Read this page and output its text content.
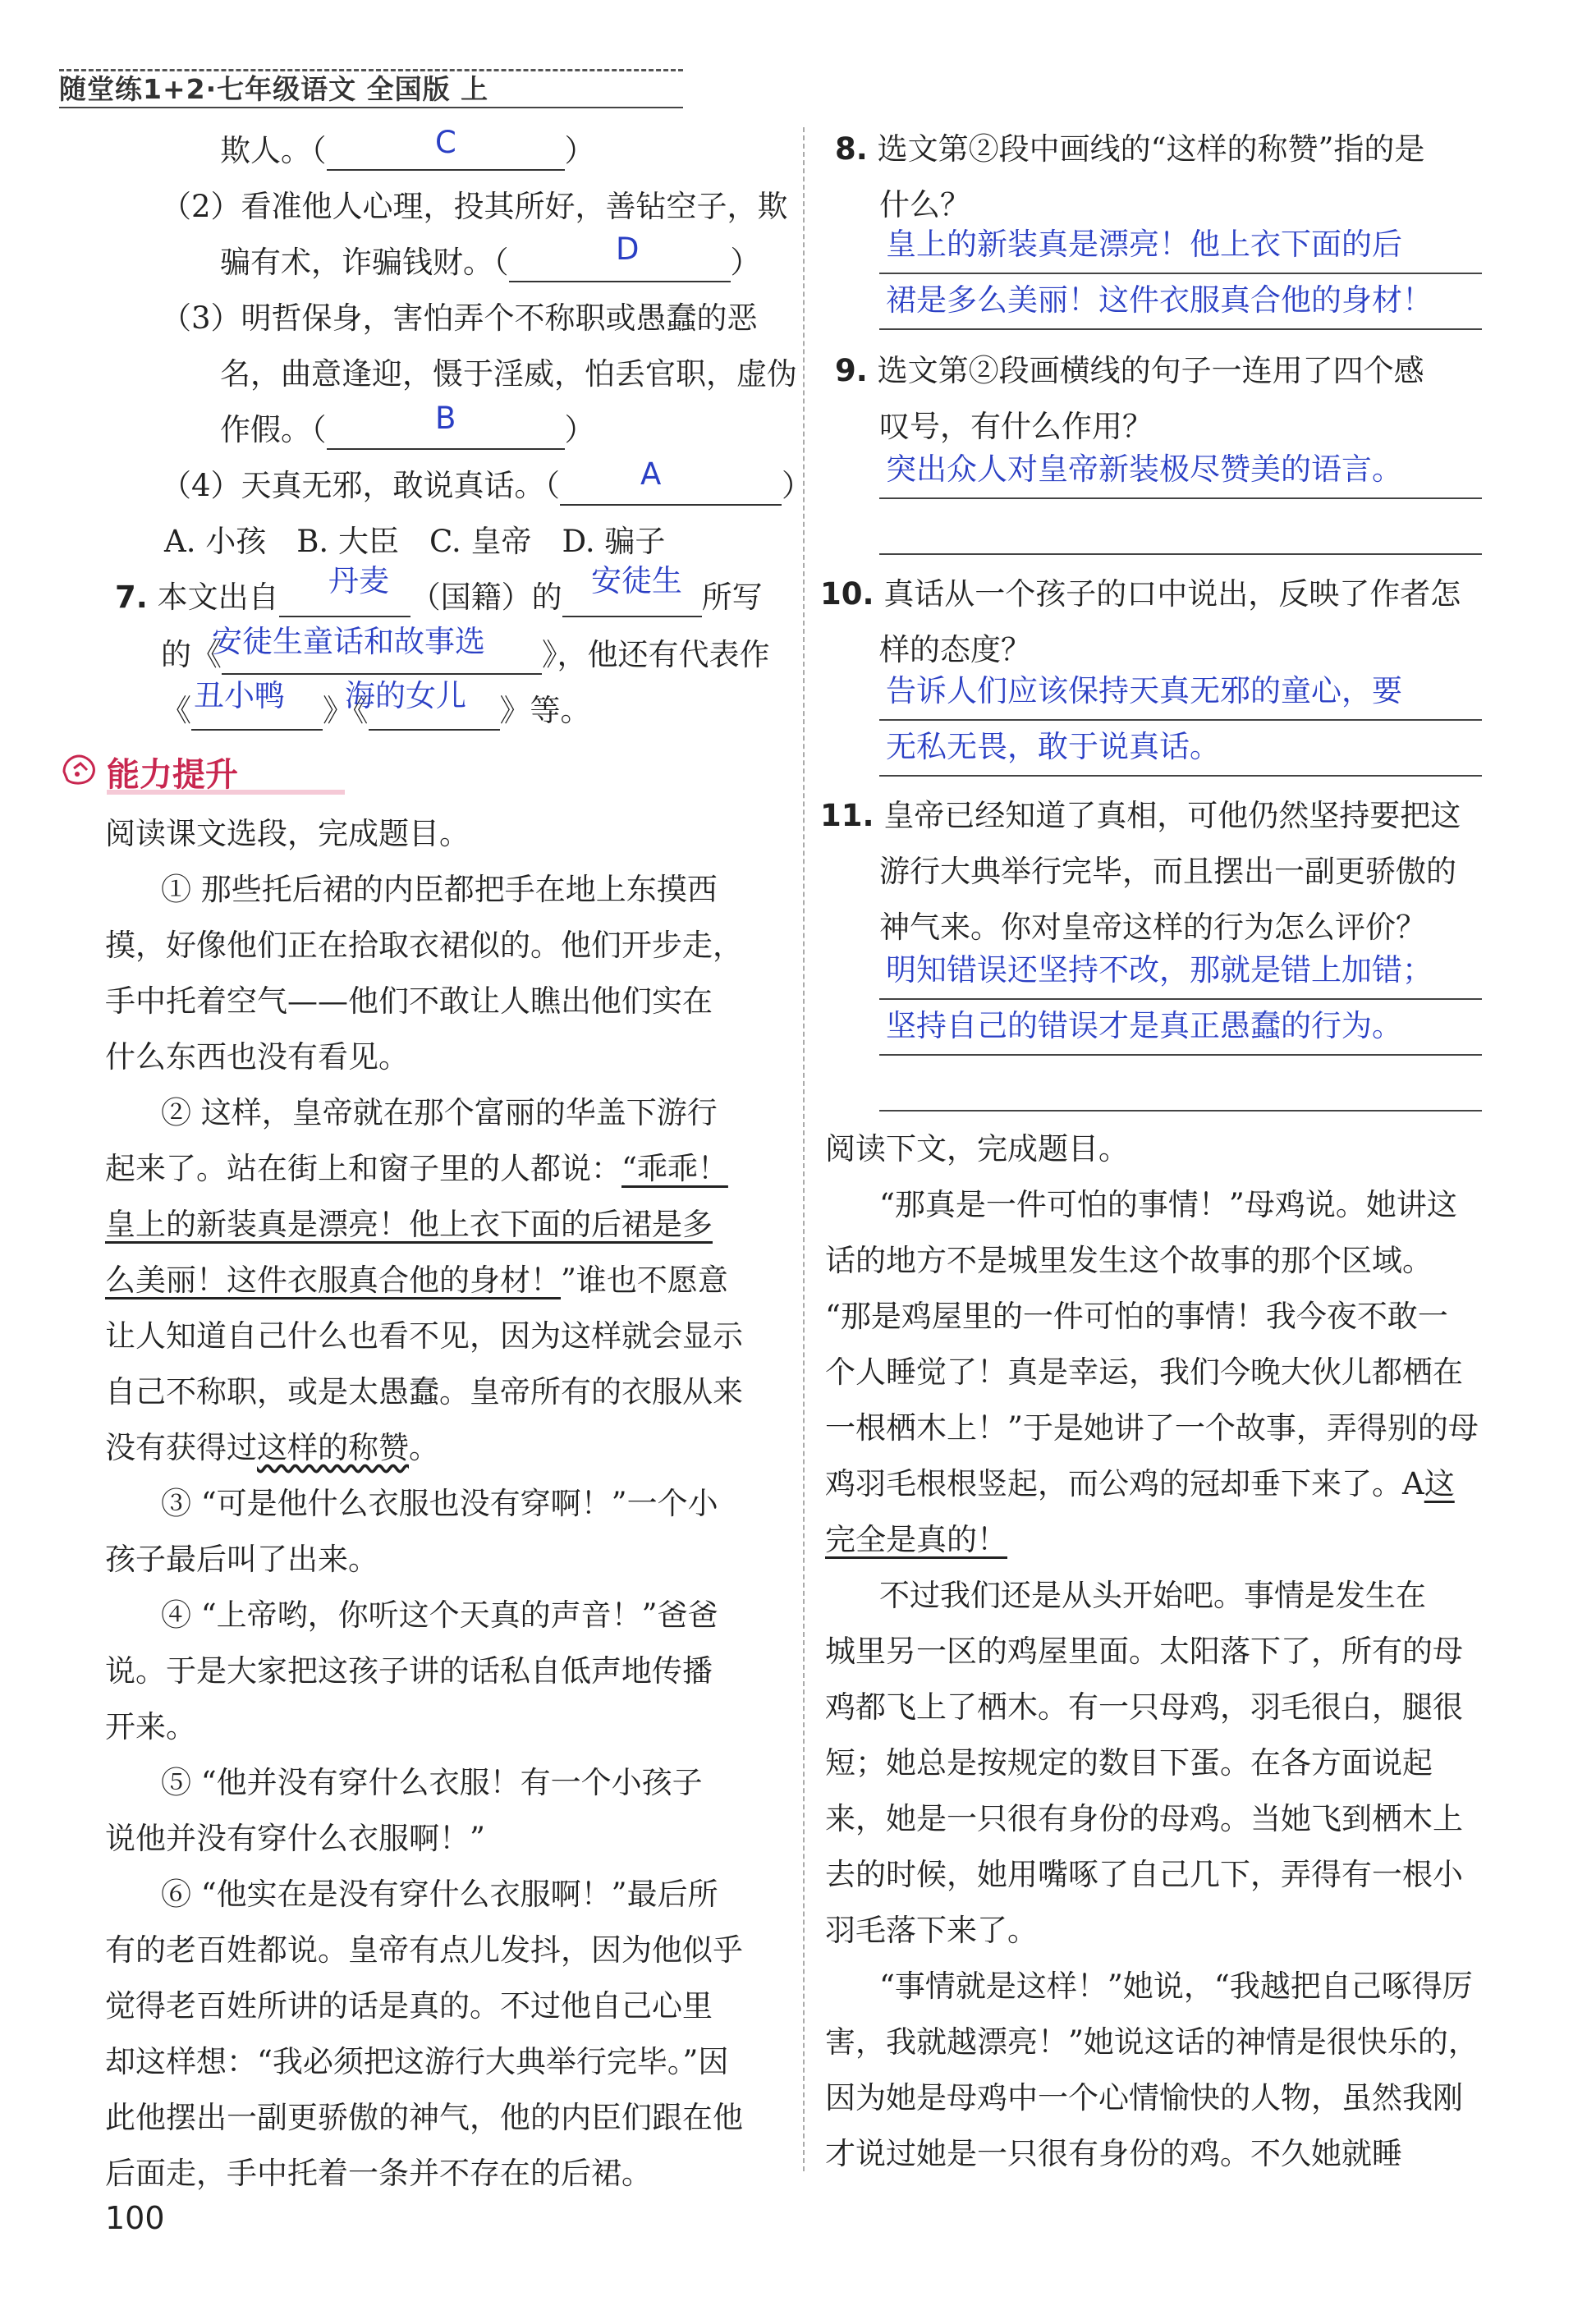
随堂练1+2·七年级语文 全国版 上
欺人。（	）
C
（2）看准他人心理，投其所好，善钻空子，欺
骗有术，诈骗钱财。（	）
D
（3）明哲保身，害怕弄个不称职或愚蠢的恶
名，曲意逢迎，慑于淫威，怕丢官职，虚伪
作假。（	）
B
（4）天真无邪，敢说真话。（	）
A
A. 小孩　B. 大臣　C. 皇帝　D. 骗子
7. 本文出自	（国籍）的	所写
丹麦	安徒生
的《	》，他还有代表作
安徒生童话和故事选
《	》《	》等。
丑小鸭 海的女儿
能力提升
阅读课文选段，完成题目。
① 那些托后裙的内臣都把手在地上东摸西
摸，好像他们正在拾取衣裙似的。他们开步走，
手中托着空气——他们不敢让人瞧出他们实在
什么东西也没有看见。
② 这样，皇帝就在那个富丽的华盖下游行
起来了。站在街上和窗子里的人都说：“乖乖！
皇上的新装真是漂亮！他上衣下面的后裙是多
么美丽！这件衣服真合他的身材！”谁也不愿意
让人知道自己什么也看不见，因为这样就会显示
自己不称职，或是太愚蠢。皇帝所有的衣服从来
没有获得过这样的称赞。
③ “可是他什么衣服也没有穿啊！”一个小
孩子最后叫了出来。
④ “上帝哟，你听这个天真的声音！”爸爸
说。于是大家把这孩子讲的话私自低声地传播
开来。
⑤ “他并没有穿什么衣服！有一个小孩子
说他并没有穿什么衣服啊！”
⑥ “他实在是没有穿什么衣服啊！”最后所
有的老百姓都说。皇帝有点儿发抖，因为他似乎
觉得老百姓所讲的话是真的。不过他自己心里
却这样想：“我必须把这游行大典举行完毕。”因
此他摆出一副更骄傲的神气，他的内臣们跟在他
后面走，手中托着一条并不存在的后裙。
100
8. 选文第②段中画线的“这样的称赞”指的是
什么？
皇上的新装真是漂亮！他上衣下面的后
裙是多么美丽！这件衣服真合他的身材！
9. 选文第②段画横线的句子一连用了四个感
叹号，有什么作用？
突出众人对皇帝新装极尽赞美的语言。
10. 真话从一个孩子的口中说出，反映了作者怎
样的态度？
告诉人们应该保持天真无邪的童心，要
无私无畏，敢于说真话。
11. 皇帝已经知道了真相，可他仍然坚持要把这
游行大典举行完毕，而且摆出一副更骄傲的
神气来。你对皇帝这样的行为怎么评价？
明知错误还坚持不改，那就是错上加错；
坚持自己的错误才是真正愚蠢的行为。
阅读下文，完成题目。
“那真是一件可怕的事情！”母鸡说。她讲这
话的地方不是城里发生这个故事的那个区域。
“那是鸡屋里的一件可怕的事情！我今夜不敢一
个人睡觉了！真是幸运，我们今晚大伙儿都栖在
一根栖木上！”于是她讲了一个故事，弄得别的母
鸡羽毛根根竖起，而公鸡的冠却垂下来了。A这
完全是真的！
不过我们还是从头开始吧。事情是发生在
城里另一区的鸡屋里面。太阳落下了，所有的母
鸡都飞上了栖木。有一只母鸡，羽毛很白，腿很
短；她总是按规定的数目下蛋。在各方面说起
来，她是一只很有身份的母鸡。当她飞到栖木上
去的时候，她用嘴啄了自己几下，弄得有一根小
羽毛落下来了。
“事情就是这样！”她说，“我越把自己啄得厉
害，我就越漂亮！”她说这话的神情是很快乐的，
因为她是母鸡中一个心情愉快的人物，虽然我刚
才说过她是一只很有身份的鸡。不久她就睡
